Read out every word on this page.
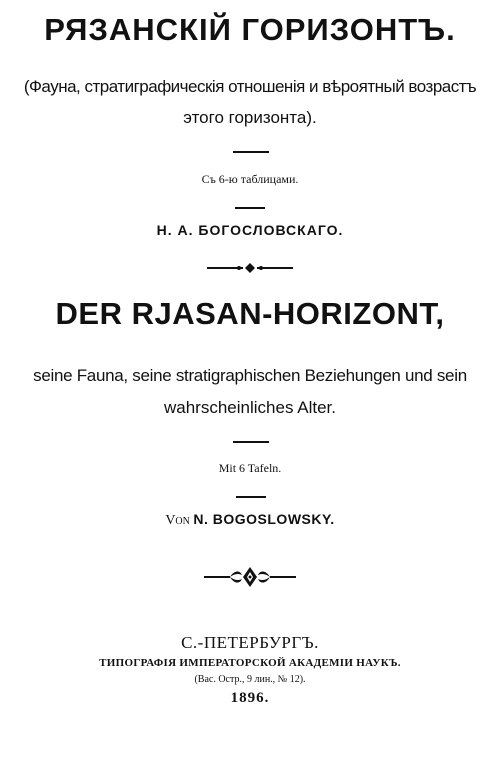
РЯЗАНСКIЙ ГОРИЗОНТЪ.
(Фауна, стратиграфическiя отношенiя и вѣроятный возрастъ
этого горизонта).
Съ 6-ю таблицами.
Н. А. БОГОСЛОВСКАГО.
DER RJASAN-HORIZONT,
seine Fauna, seine stratigraphischen Beziehungen und sein
wahrscheinliches Alter.
Mit 6 Tafeln.
Von N. BOGOSLOWSKY.
С.-ПЕТЕРБУРГЪ.
ТИПОГРАФIЯ ИМПЕРАТОРСКОЙ АКАДЕМIИ НАУКЪ.
(Вас. Остр., 9 лин., № 12).
1896.
